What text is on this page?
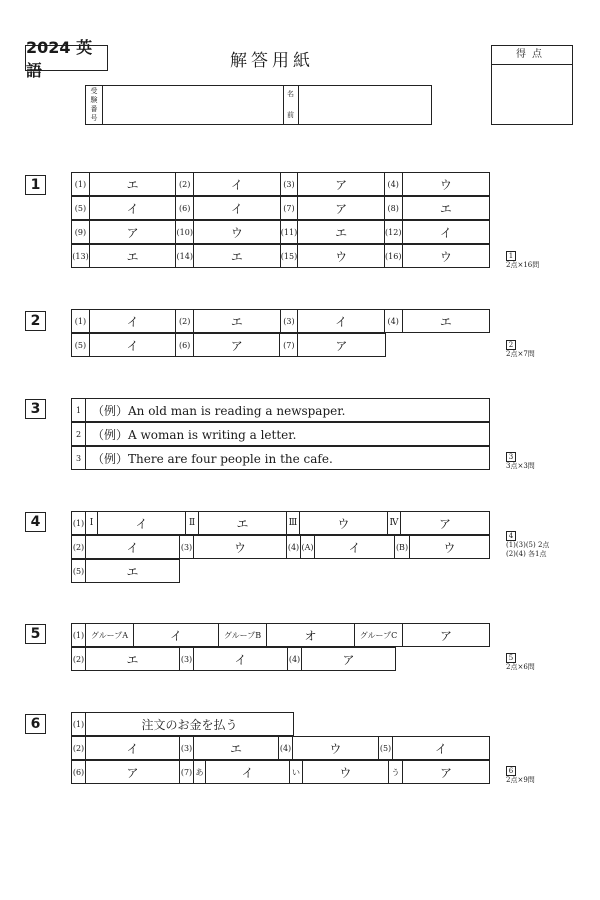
2024 英語	解答用紙	得点
受
験
番
号
名
前
1	(1)	エ	(2)	イ	(3)	ア	(4)	ウ
(5)	イ	(6)	イ	(7)	ア	(8)	エ
(9)	ア	(10)	ウ	(11)	エ	(12)	イ
(13)	エ	(14)	エ	(15)	ウ	(16)	ウ	1
2点×16問
2	(1)	イ	(2)	エ	(3)	イ	(4)	エ
(5)	イ	(6)	ア	(7)	ア	2
2点×7問
3	1 （例）An old man is reading a newspaper.
2 （例）A woman is writing a letter.
3 （例）There are four people in the cafe.	3
3点×3問
4	(1) Ⅰ	イ	Ⅱ	エ	Ⅲ	ウ	Ⅳ	ア
(2)	イ	(3)	ウ	(4) (A)	イ	(B)	ウ
(5)	エ
4
(1)(3)(5) 2点
(2)(4) 各1点
5	(1) グループA	イ	グループB	オ	グループC	ア
(2)	エ	(3)	イ	(4)	ア	5
2点×6問
6	(1)	注文のお金を払う
(2)	イ	(3)	エ	(4)	ウ	(5)	イ
(6)	ア	(7) あ	イ	い	ウ	う	ア	6
2点×9問
